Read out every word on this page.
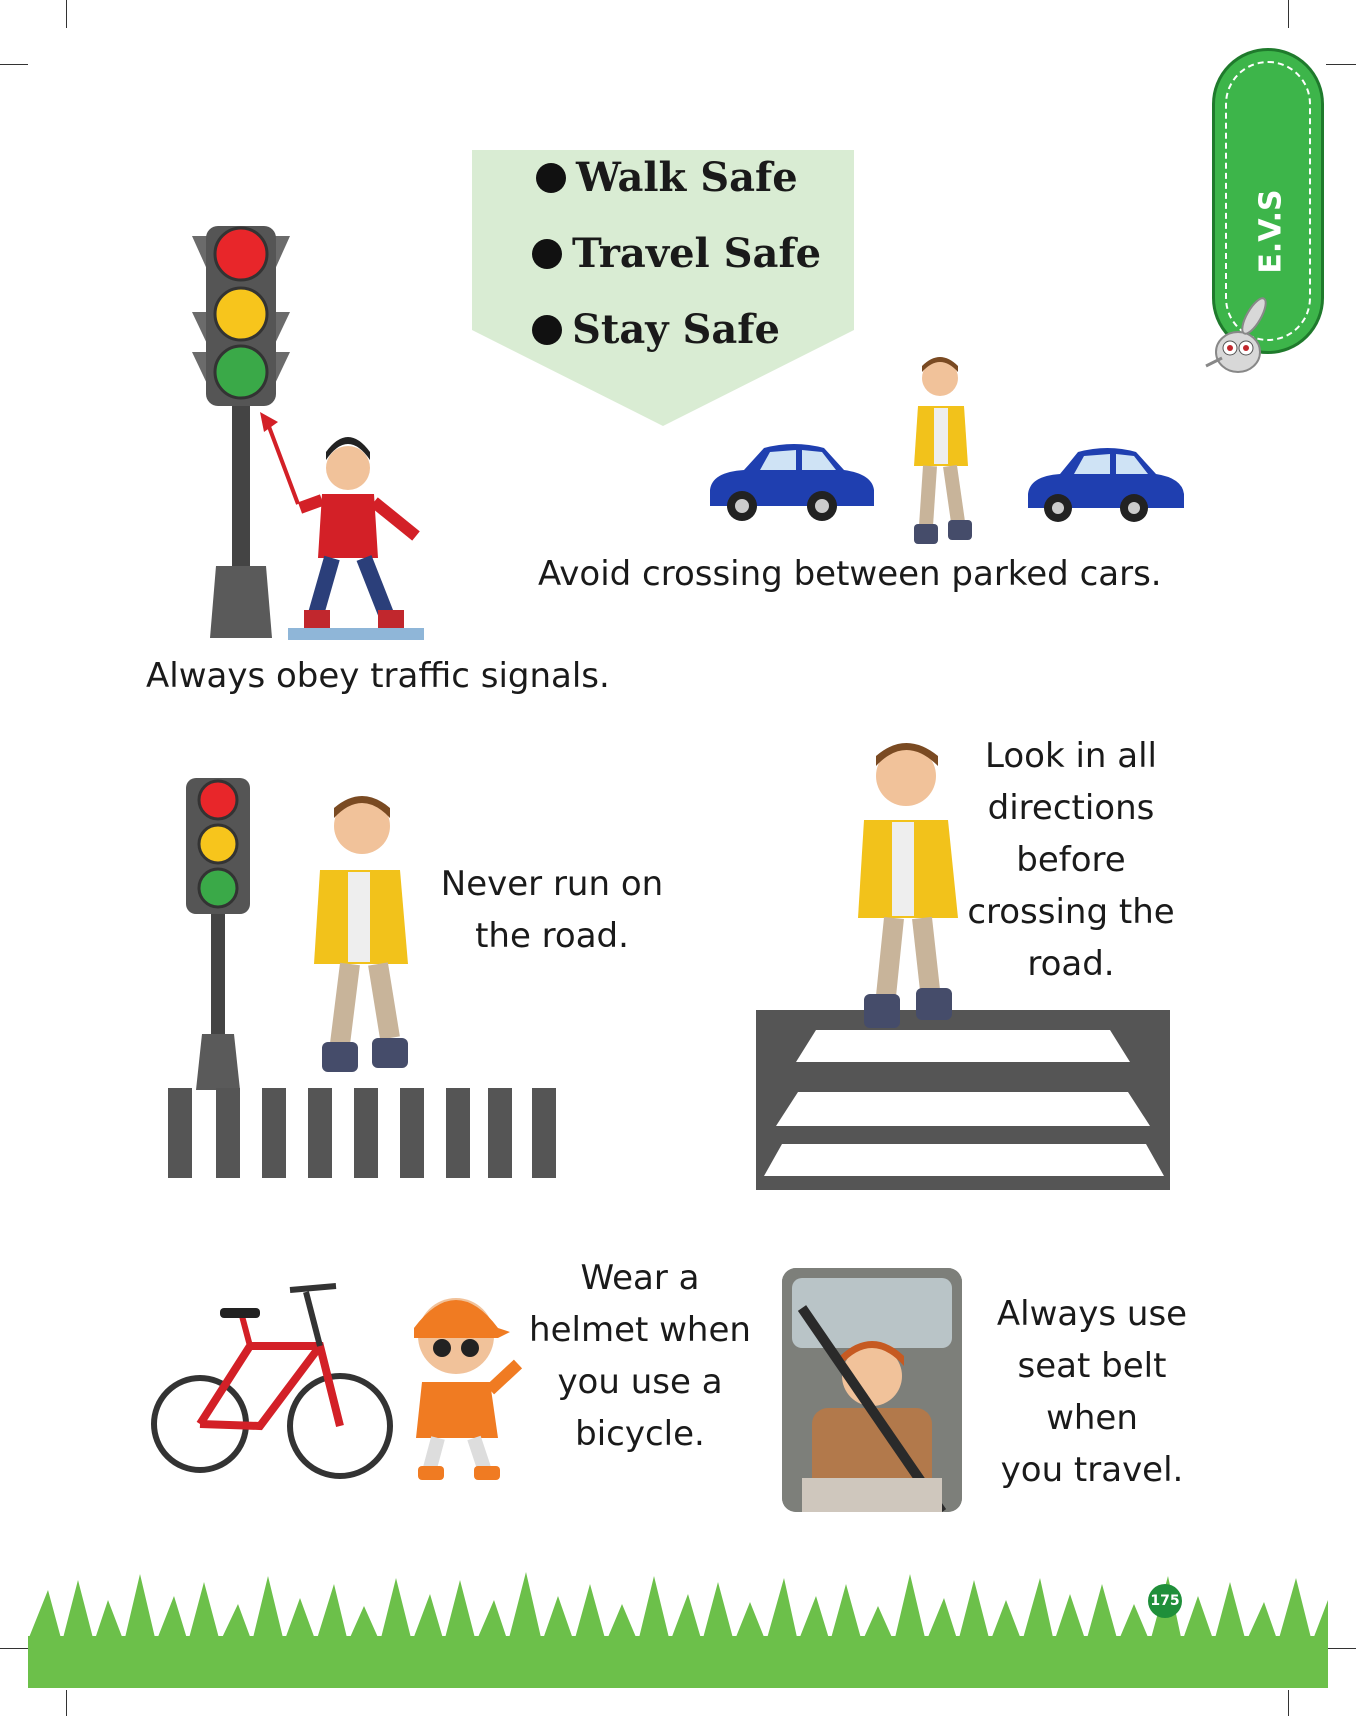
Walk Safe
Travel Safe
Stay Safe
E.V.S
Always obey traffic signals.
Avoid crossing between parked cars.
Never run on
the road.
Look in all
directions
before
crossing the
road.
Wear a
helmet when
you use a
bicycle.
Always use
seat belt when
you travel.
175
